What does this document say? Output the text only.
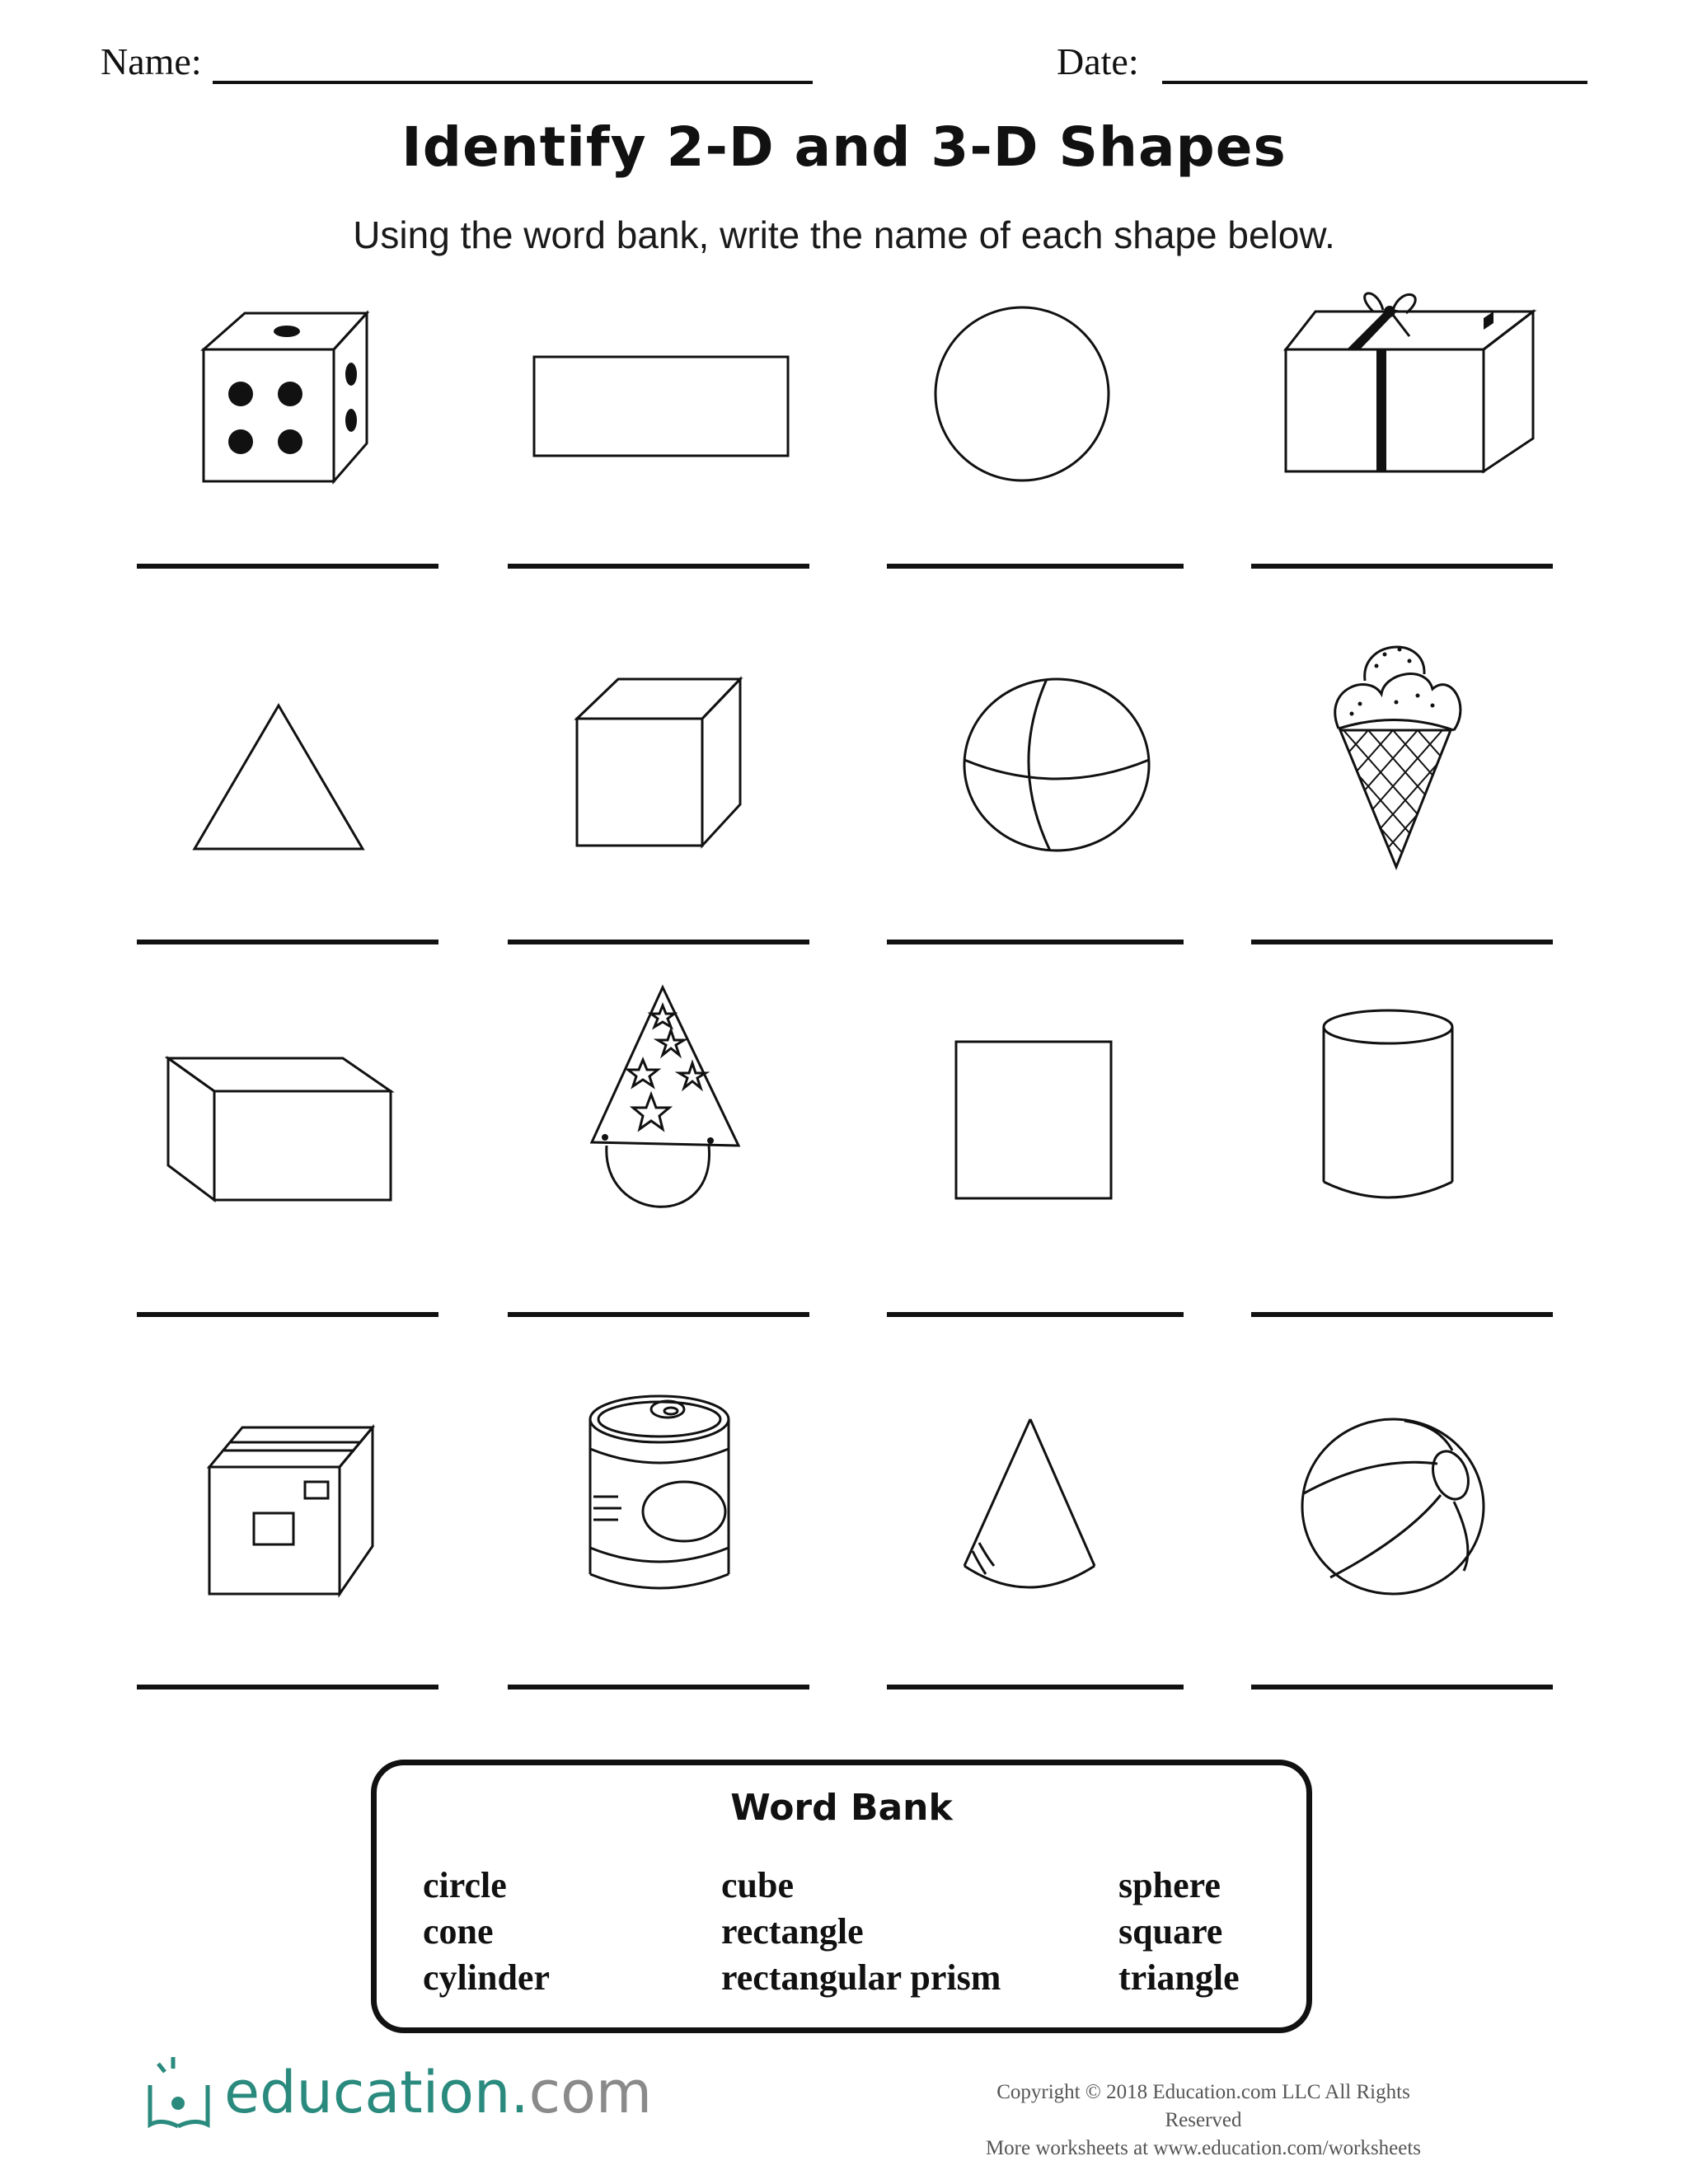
Name:	Date:
Identify 2-D and 3-D Shapes
Using the word bank, write the name of each shape below.
Word Bank
circle
cone
cylinder
cube
rectangle
rectangular prism
sphere
square
triangle
education.com	Copyright © 2018 Education.com LLC All Rights Reserved
More worksheets at www.education.com/worksheets
